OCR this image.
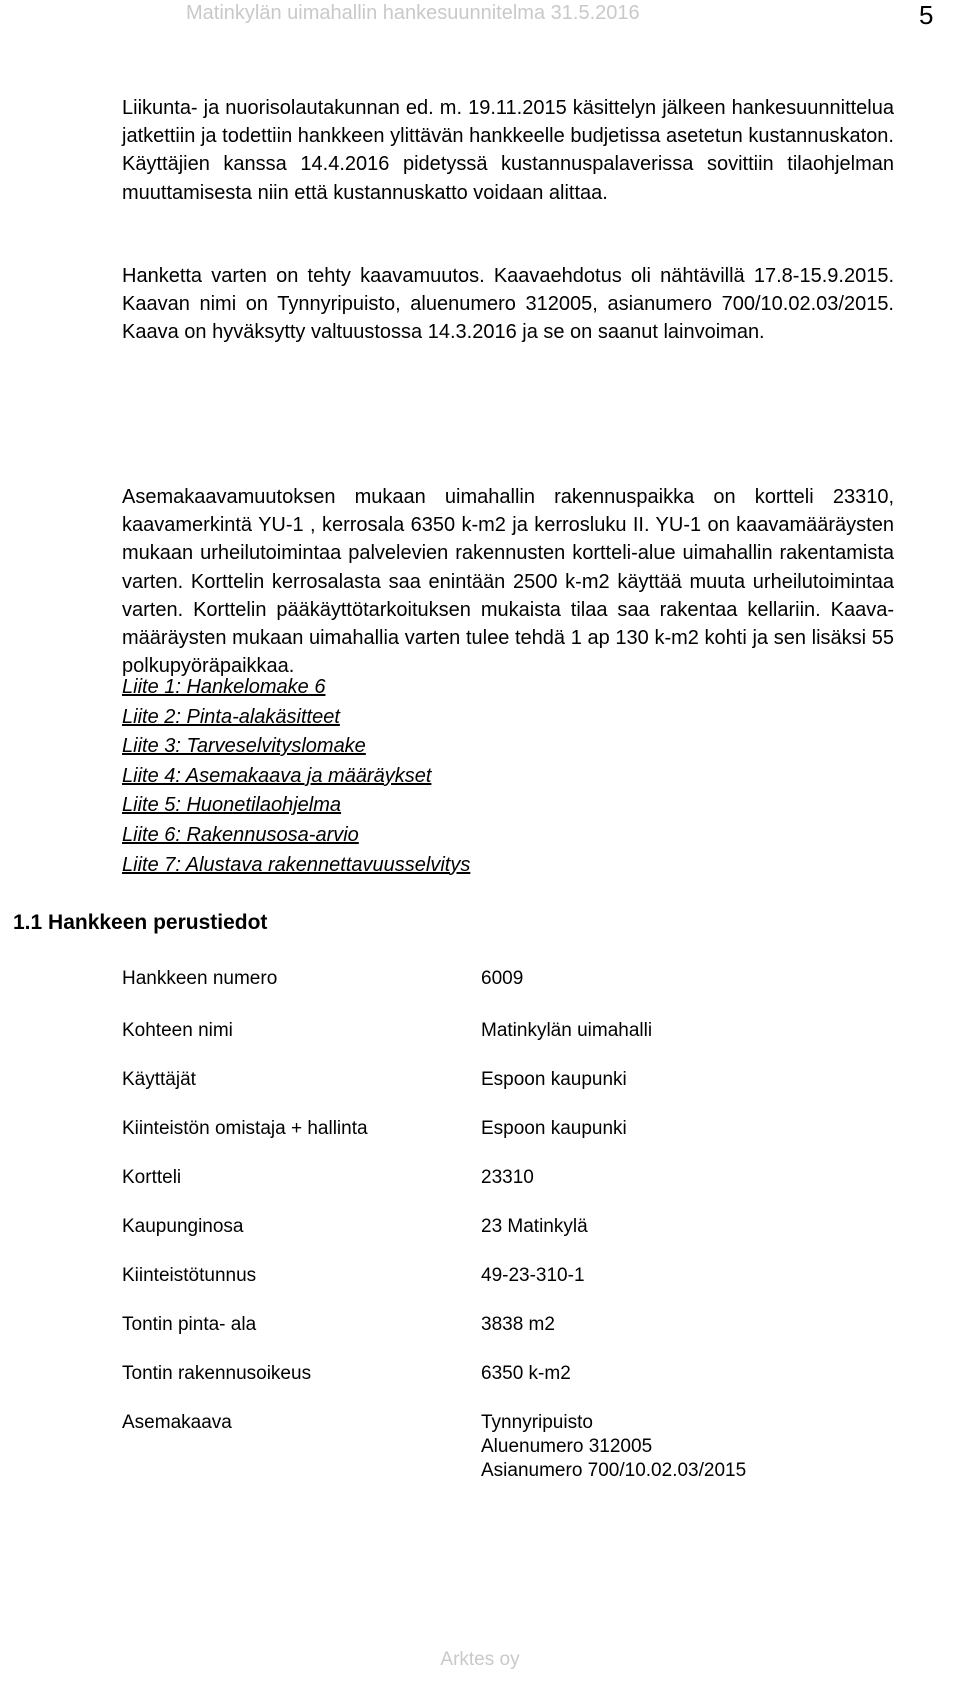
Matinkylän uimahallin hankesuunnitelma 31.5.2016	5

Liikunta- ja nuorisolautakunnan ed. m. 19.11.2015 käsittelyn jälkeen hankesuunnittelua jatkettiin ja todettiin hankkeen ylittävän hankkeelle budjetissa asetetun kustannuskaton. Käyttäjien kanssa 14.4.2016 pidetyssä kustannuspalaverissa sovittiin tilaohjelman muuttamisesta niin että kustannuskatto voidaan alittaa.

Hanketta varten on tehty kaavamuutos. Kaavaehdotus oli nähtävillä 17.8-15.9.2015. Kaavan nimi on Tynnyripuisto, aluenumero 312005, asianumero 700/10.02.03/2015. Kaava on hyväksytty valtuustossa 14.3.2016 ja se on saanut lainvoiman.

Asemakaavamuutoksen mukaan uimahallin rakennuspaikka on kortteli 23310, kaavamerkintä YU-1 , kerrosala 6350 k-m2 ja kerrosluku II. YU-1 on kaavamääräysten mukaan urheilutoimintaa palvelevien rakennusten kortteli-alue uimahallin rakentamista varten. Korttelin kerrosalasta saa enintään 2500 k-m2 käyttää muuta urheilutoimintaa varten. Korttelin pääkäyttötarkoituksen mukaista tilaa saa rakentaa kellariin. Kaava-määräysten mukaan uimahallia varten tulee tehdä 1 ap 130 k-m2 kohti ja sen lisäksi 55 polkupyöräpaikkaa.

Liite 1: Hankelomake 6
Liite 2: Pinta-alakäsitteet
Liite 3: Tarveselvityslomake
Liite 4: Asemakaava ja määräykset
Liite 5: Huonetilaohjelma
Liite 6: Rakennusosa-arvio
Liite 7: Alustava rakennettavuusselvitys
1.1 Hankkeen perustiedot
Hankkeen numero	6009
Kohteen nimi	Matinkylän uimahalli
Käyttäjät	Espoon kaupunki
Kiinteistön omistaja + hallinta	Espoon kaupunki
Kortteli	23310
Kaupunginosa	23 Matinkylä
Kiinteistötunnus	49-23-310-1
Tontin pinta- ala	3838 m2
Tontin rakennusoikeus	6350 k-m2
Asemakaava	Tynnyripuisto
Aluenumero 312005
Asianumero 700/10.02.03/2015
Arktes oy
